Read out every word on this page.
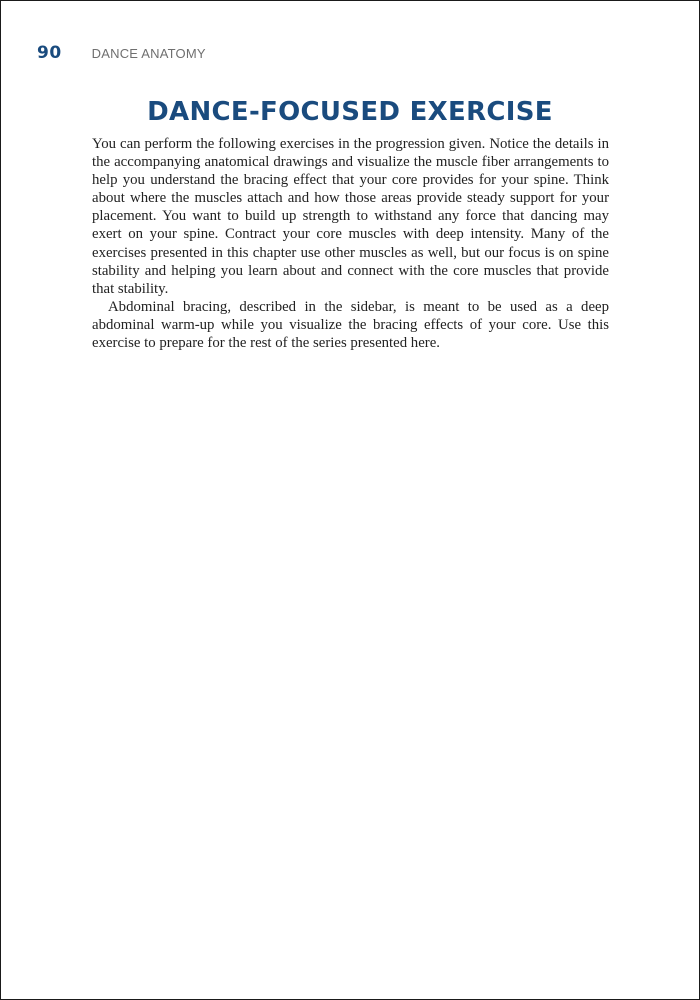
90 DANCE ANATOMY
DANCE-FOCUSED EXERCISE

You can perform the following exercises in the progression given. Notice the details in the accompanying anatomical drawings and visualize the muscle fiber arrangements to help you understand the bracing effect that your core provides for your spine. Think about where the muscles attach and how those areas provide steady support for your placement. You want to build up strength to withstand any force that dancing may exert on your spine. Contract your core muscles with deep intensity. Many of the exercises presented in this chapter use other muscles as well, but our focus is on spine stability and helping you learn about and connect with the core muscles that provide that stability.

Abdominal bracing, described in the sidebar, is meant to be used as a deep abdominal warm-up while you visualize the bracing effects of your core. Use this exercise to prepare for the rest of the series presented here.
